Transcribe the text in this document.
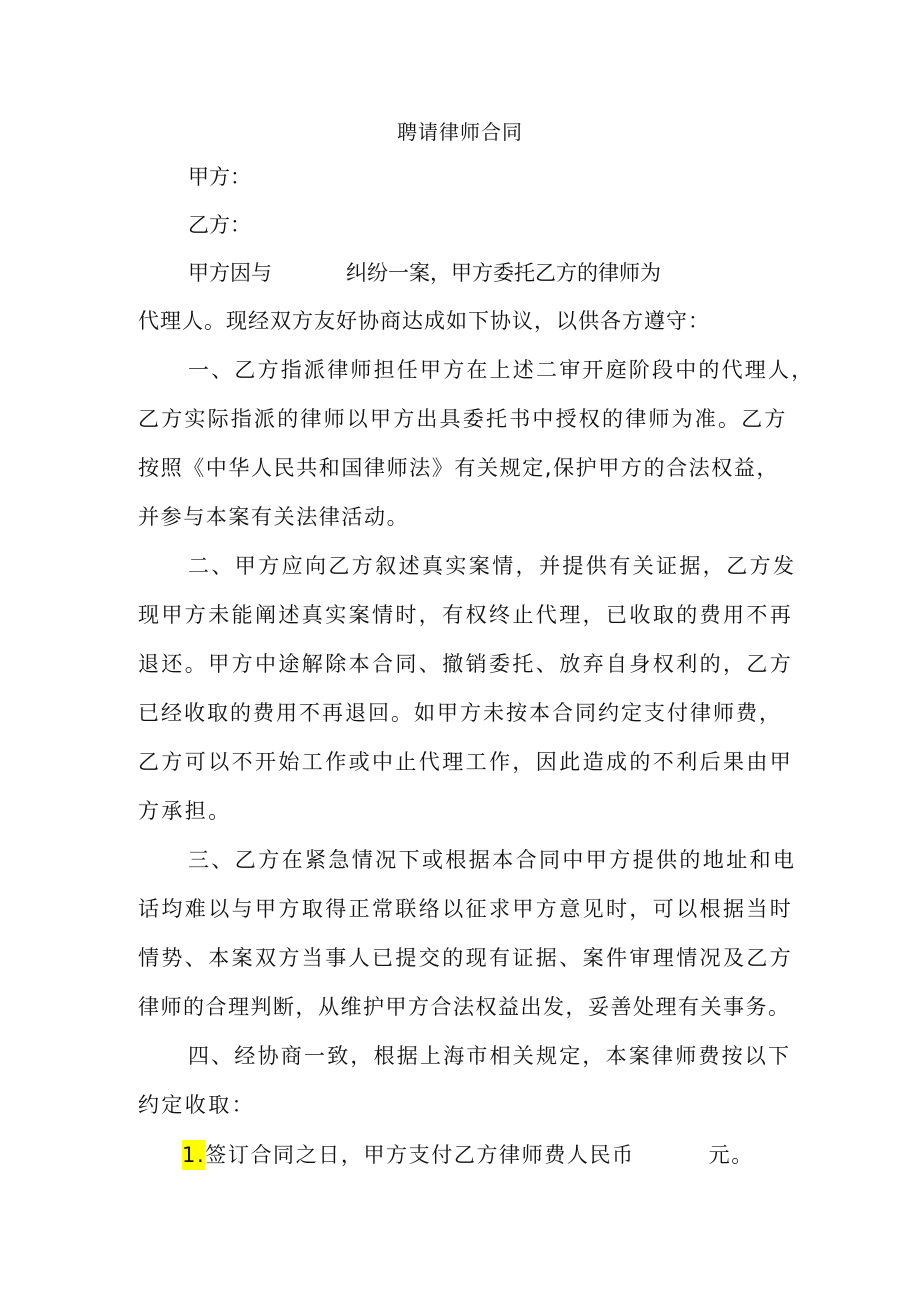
聘请律师合同
甲方：
乙方：
甲方因与	纠纷一案，甲方委托乙方的律师为
代理人。现经双方友好协商达成如下协议，以供各方遵守：
一、乙方指派律师担任甲方在上述二审开庭阶段中的代理人，
乙方实际指派的律师以甲方出具委托书中授权的律师为准。乙方
按照《中华人民共和国律师法》有关规定,保护甲方的合法权益，
并参与本案有关法律活动。
二、甲方应向乙方叙述真实案情，并提供有关证据，乙方发
现甲方未能阐述真实案情时，有权终止代理，已收取的费用不再
退还。甲方中途解除本合同、撤销委托、放弃自身权利的，乙方
已经收取的费用不再退回。如甲方未按本合同约定支付律师费，
乙方可以不开始工作或中止代理工作，因此造成的不利后果由甲
方承担。
三、乙方在紧急情况下或根据本合同中甲方提供的地址和电
话均难以与甲方取得正常联络以征求甲方意见时，可以根据当时
情势、本案双方当事人已提交的现有证据、案件审理情况及乙方
律师的合理判断，从维护甲方合法权益出发，妥善处理有关事务。
四、经协商一致，根据上海市相关规定，本案律师费按以下
约定收取：
1.签订合同之日，甲方支付乙方律师费人民币	元。
